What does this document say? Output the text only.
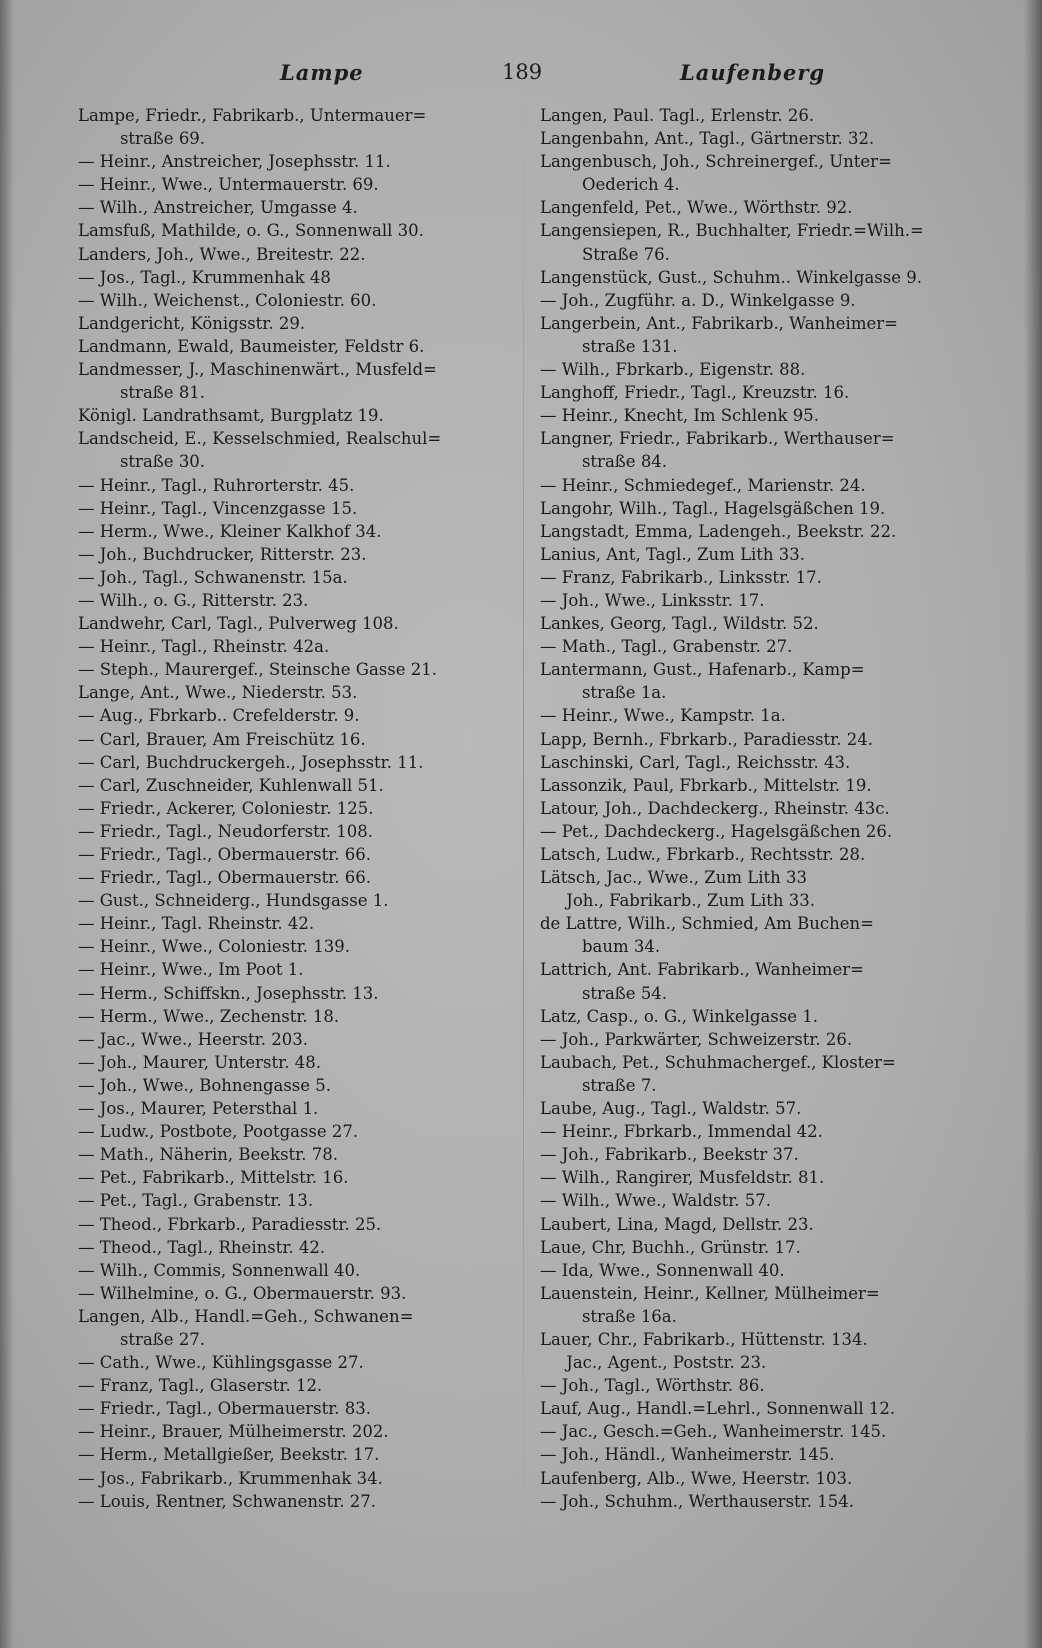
Lampe	189	Laufenberg
Lampe, Friedr., Fabrikarb., Untermauer=
straße 69.
— Heinr., Anstreicher, Josephsstr. 11.
— Heinr., Wwe., Untermauerstr. 69.
— Wilh., Anstreicher, Umgasse 4.
Lamsfuß, Mathilde, o. G., Sonnenwall 30.
Landers, Joh., Wwe., Breitestr. 22.
— Jos., Tagl., Krummenhak 48
— Wilh., Weichenst., Coloniestr. 60.
Landgericht, Königsstr. 29.
Landmann, Ewald, Baumeister, Feldstr 6.
Landmesser, J., Maschinenwärt., Musfeld=
straße 81.
Königl. Landrathsamt, Burgplatz 19.
Landscheid, E., Kesselschmied, Realschul=
straße 30.
— Heinr., Tagl., Ruhrorterstr. 45.
— Heinr., Tagl., Vincenzgasse 15.
— Herm., Wwe., Kleiner Kalkhof 34.
— Joh., Buchdrucker, Ritterstr. 23.
— Joh., Tagl., Schwanenstr. 15a.
— Wilh., o. G., Ritterstr. 23.
Landwehr, Carl, Tagl., Pulverweg 108.
— Heinr., Tagl., Rheinstr. 42a.
— Steph., Maurergef., Steinsche Gasse 21.
Lange, Ant., Wwe., Niederstr. 53.
— Aug., Fbrkarb.. Crefelderstr. 9.
— Carl, Brauer, Am Freischütz 16.
— Carl, Buchdruckergeh., Josephsstr. 11.
— Carl, Zuschneider, Kuhlenwall 51.
— Friedr., Ackerer, Coloniestr. 125.
— Friedr., Tagl., Neudorferstr. 108.
— Friedr., Tagl., Obermauerstr. 66.
— Friedr., Tagl., Obermauerstr. 66.
— Gust., Schneiderg., Hundsgasse 1.
— Heinr., Tagl. Rheinstr. 42.
— Heinr., Wwe., Coloniestr. 139.
— Heinr., Wwe., Im Poot 1.
— Herm., Schiffskn., Josephsstr. 13.
— Herm., Wwe., Zechenstr. 18.
— Jac., Wwe., Heerstr. 203.
— Joh., Maurer, Unterstr. 48.
— Joh., Wwe., Bohnengasse 5.
— Jos., Maurer, Petersthal 1.
— Ludw., Postbote, Pootgasse 27.
— Math., Näherin, Beekstr. 78.
— Pet., Fabrikarb., Mittelstr. 16.
— Pet., Tagl., Grabenstr. 13.
— Theod., Fbrkarb., Paradiesstr. 25.
— Theod., Tagl., Rheinstr. 42.
— Wilh., Commis, Sonnenwall 40.
— Wilhelmine, o. G., Obermauerstr. 93.
Langen, Alb., Handl.=Geh., Schwanen=
straße 27.
— Cath., Wwe., Kühlingsgasse 27.
— Franz, Tagl., Glaserstr. 12.
— Friedr., Tagl., Obermauerstr. 83.
— Heinr., Brauer, Mülheimerstr. 202.
— Herm., Metallgießer, Beekstr. 17.
— Jos., Fabrikarb., Krummenhak 34.
— Louis, Rentner, Schwanenstr. 27.
Langen, Paul. Tagl., Erlenstr. 26.
Langenbahn, Ant., Tagl., Gärtnerstr. 32.
Langenbusch, Joh., Schreinergef., Unter=
Oederich 4.
Langenfeld, Pet., Wwe., Wörthstr. 92.
Langensiepen, R., Buchhalter, Friedr.=Wilh.=
Straße 76.
Langenstück, Gust., Schuhm.. Winkelgasse 9.
— Joh., Zugführ. a. D., Winkelgasse 9.
Langerbein, Ant., Fabrikarb., Wanheimer=
straße 131.
— Wilh., Fbrkarb., Eigenstr. 88.
Langhoff, Friedr., Tagl., Kreuzstr. 16.
— Heinr., Knecht, Im Schlenk 95.
Langner, Friedr., Fabrikarb., Werthauser=
straße 84.
— Heinr., Schmiedegef., Marienstr. 24.
Langohr, Wilh., Tagl., Hagelsgäßchen 19.
Langstadt, Emma, Ladengeh., Beekstr. 22.
Lanius, Ant, Tagl., Zum Lith 33.
— Franz, Fabrikarb., Linksstr. 17.
— Joh., Wwe., Linksstr. 17.
Lankes, Georg, Tagl., Wildstr. 52.
— Math., Tagl., Grabenstr. 27.
Lantermann, Gust., Hafenarb., Kamp=
straße 1a.
— Heinr., Wwe., Kampstr. 1a.
Lapp, Bernh., Fbrkarb., Paradiesstr. 24.
Laschinski, Carl, Tagl., Reichsstr. 43.
Lassonzik, Paul, Fbrkarb., Mittelstr. 19.
Latour, Joh., Dachdeckerg., Rheinstr. 43c.
— Pet., Dachdeckerg., Hagelsgäßchen 26.
Latsch, Ludw., Fbrkarb., Rechtsstr. 28.
Lätsch, Jac., Wwe., Zum Lith 33
Joh., Fabrikarb., Zum Lith 33.
de Lattre, Wilh., Schmied, Am Buchen=
baum 34.
Lattrich, Ant. Fabrikarb., Wanheimer=
straße 54.
Latz, Casp., o. G., Winkelgasse 1.
— Joh., Parkwärter, Schweizerstr. 26.
Laubach, Pet., Schuhmachergef., Kloster=
straße 7.
Laube, Aug., Tagl., Waldstr. 57.
— Heinr., Fbrkarb., Immendal 42.
— Joh., Fabrikarb., Beekstr 37.
— Wilh., Rangirer, Musfeldstr. 81.
— Wilh., Wwe., Waldstr. 57.
Laubert, Lina, Magd, Dellstr. 23.
Laue, Chr, Buchh., Grünstr. 17.
— Ida, Wwe., Sonnenwall 40.
Lauenstein, Heinr., Kellner, Mülheimer=
straße 16a.
Lauer, Chr., Fabrikarb., Hüttenstr. 134.
Jac., Agent., Poststr. 23.
— Joh., Tagl., Wörthstr. 86.
Lauf, Aug., Handl.=Lehrl., Sonnenwall 12.
— Jac., Gesch.=Geh., Wanheimerstr. 145.
— Joh., Händl., Wanheimerstr. 145.
Laufenberg, Alb., Wwe, Heerstr. 103.
— Joh., Schuhm., Werthauserstr. 154.
